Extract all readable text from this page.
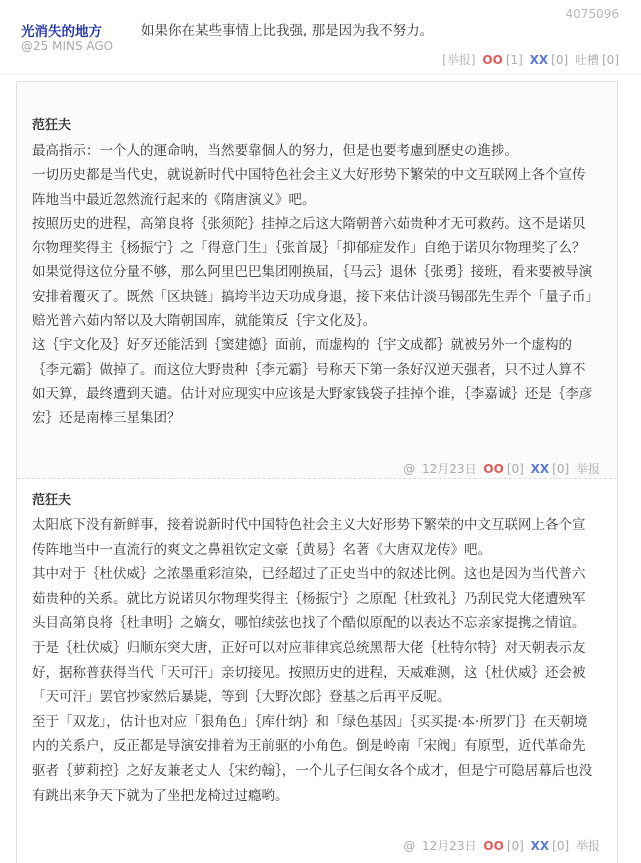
4075096
光消失的地方
@25 MINS AGO
如果你在某些事情上比我强, 那是因为我不努力。
[举报] OO [1] XX [0] 吐槽 [0]
范狂夫

最高指示：一个人的運命呐，当然要靠個人的努力，但是也要考慮到歷史の進捗。

一切历史都是当代史，就说新时代中国特色社会主义大好形势下繁荣的中文互联网上各个宣传阵地当中最近忽然流行起来的《隋唐演义》吧。

按照历史的进程，高第良将｛张须陀｝挂掉之后这大隋朝普六茹贵种才无可救药。这不是诺贝尔物理奖得主｛杨振宁｝之「得意门生」｛张首晟｝「抑郁症发作」自绝于诺贝尔物理奖了么？

如果觉得这位分量不够，那么阿里巴巴集团刚换届，｛马云｝退休｛张勇｝接班，看来要被导演安排着覆灭了。既然「区块链」搞垮半边天功成身退，接下来估计淡马锡邵先生弄个「量子币」赔光普六茹内帑以及大隋朝国库，就能策反｛宇文化及｝。

这｛宇文化及｝好歹还能活到｛窦建德｝面前，而虚构的｛宇文成都｝就被另外一个虚构的｛李元霸｝做掉了。而这位大野贵种｛李元霸｝号称天下第一条好汉逆天强者，只不过人算不如天算，最终遭到天谴。估计对应现实中应该是大野家钱袋子挂掉个谁，｛李嘉诚｝还是｛李彦宏｝还是南棒三星集团？

@ 12月23日 OO [0] XX [0] 举报
范狂夫

太阳底下没有新鲜事，接着说新时代中国特色社会主义大好形势下繁荣的中文互联网上各个宣传阵地当中一直流行的爽文之鼻祖钦定文豪｛黄易｝名著《大唐双龙传》吧。

其中对于｛杜伏威｝之浓墨重彩渲染，已经超过了正史当中的叙述比例。这也是因为当代普六茹贵种的关系。就比方说诺贝尔物理奖得主｛杨振宁｝之原配｛杜致礼｝乃刮民党大佬遭殃军头目高第良将｛杜聿明｝之嫡女，哪怕续弦也找了个酷似原配的以表达不忘亲家提携之情谊。

于是｛杜伏威｝归顺东突大唐，正好可以对应菲律宾总统黑帮大佬｛杜特尔特｝对天朝表示友好，据称普获得当代「天可汗」亲切接见。按照历史的进程，天威难测，这｛杜伏威｝还会被「天可汗」罢官抄家然后暴毙，等到｛大野次郎｝登基之后再平反呢。

至于「双龙」，估计也对应「狠角色」｛库什纳｝和「绿色基因」｛买买提·本·所罗门｝在天朝境内的关系户，反正都是导演安排着为王前驱的小角色。倒是岭南「宋阀」有原型，近代革命先驱者｛萝莉控｝之好友兼老丈人｛宋约翰｝，一个儿子仨闺女各个成才，但是宁可隐居幕后也没有跳出来争天下就为了坐把龙椅过过瘾哟。

@ 12月23日 OO [0] XX [0] 举报
